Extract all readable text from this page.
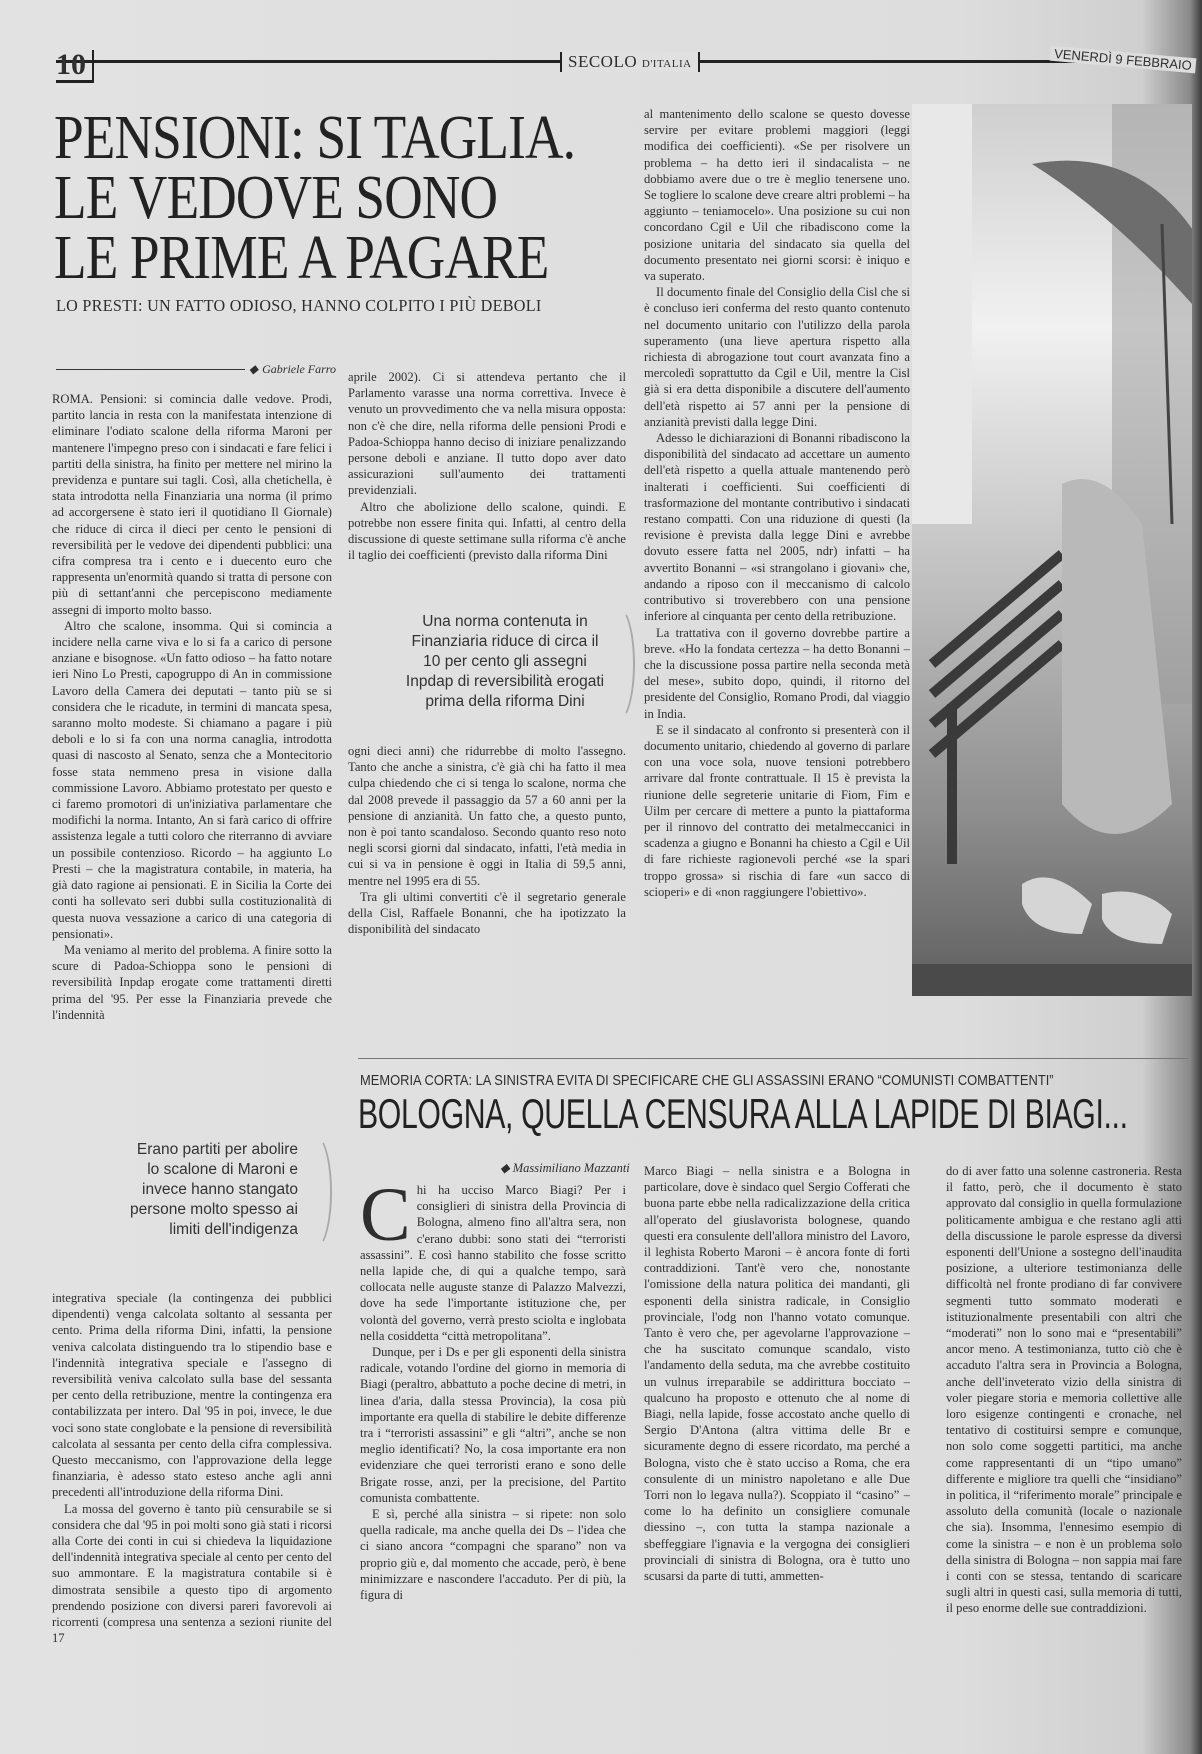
10	SECOLO D'ITALIA	VENERDÌ 9 FEBBRAIO
PENSIONI: SI TAGLIA.
LE VEDOVE SONO
LE PRIME A PAGARE
LO PRESTI: UN FATTO ODIOSO, HANNO COLPITO I PIÙ DEBOLI
◆ Gabriele Farro

ROMA. Pensioni: si comincia dalle vedove. Prodi, partito lancia in resta con la manifestata intenzione di eliminare l'odiato scalone della riforma Maroni per mantenere l'impegno preso con i sindacati e fare felici i partiti della sinistra, ha finito per mettere nel mirino la previdenza e puntare sui tagli. Così, alla chetichella, è stata introdotta nella Finanziaria una norma (il primo ad accorgersene è stato ieri il quotidiano Il Giornale) che riduce di circa il dieci per cento le pensioni di reversibilità per le vedove dei dipendenti pubblici: una cifra compresa tra i cento e i duecento euro che rappresenta un'enormità quando si tratta di persone con più di settant'anni che percepiscono mediamente assegni di importo molto basso.

Altro che scalone, insomma. Qui si comincia a incidere nella carne viva e lo si fa a carico di persone anziane e bisognose. «Un fatto odioso – ha fatto notare ieri Nino Lo Presti, capogruppo di An in commissione Lavoro della Camera dei deputati – tanto più se si considera che le ricadute, in termini di mancata spesa, saranno molto modeste. Si chiamano a pagare i più deboli e lo si fa con una norma canaglia, introdotta quasi di nascosto al Senato, senza che a Montecitorio fosse stata nemmeno presa in visione dalla commissione Lavoro. Abbiamo protestato per questo e ci faremo promotori di un'iniziativa parlamentare che modifichi la norma. Intanto, An si farà carico di offrire assistenza legale a tutti coloro che riterranno di avviare un possibile contenzioso. Ricordo – ha aggiunto Lo Presti – che la magistratura contabile, in materia, ha già dato ragione ai pensionati. E in Sicilia la Corte dei conti ha sollevato seri dubbi sulla costituzionalità di questa nuova vessazione a carico di una categoria di pensionati».

Ma veniamo al merito del problema. A finire sotto la scure di Padoa-Schioppa sono le pensioni di reversibilità Inpdap erogate come trattamenti diretti prima del '95. Per esse la Finanziaria prevede che l'indennità

Erano partiti per abolire lo scalone di Maroni e invece hanno stangato persone molto spesso ai limiti dell'indigenza

integrativa speciale (la contingenza dei pubblici dipendenti) venga calcolata soltanto al sessanta per cento. Prima della riforma Dini, infatti, la pensione veniva calcolata distinguendo tra lo stipendio base e l'indennità integrativa speciale e l'assegno di reversibilità veniva calcolato sulla base del sessanta per cento della retribuzione, mentre la contingenza era contabilizzata per intero. Dal '95 in poi, invece, le due voci sono state conglobate e la pensione di reversibilità calcolata al sessanta per cento della cifra complessiva. Questo meccanismo, con l'approvazione della legge finanziaria, è adesso stato esteso anche agli anni precedenti all'introduzione della riforma Dini.

La mossa del governo è tanto più censurabile se si considera che dal '95 in poi molti sono già stati i ricorsi alla Corte dei conti in cui si chiedeva la liquidazione dell'indennità integrativa speciale al cento per cento del suo ammontare. E la magistratura contabile si è dimostrata sensibile a questo tipo di argomento prendendo posizione con diversi pareri favorevoli ai ricorrenti (compresa una sentenza a sezioni riunite del 17

aprile 2002). Ci si attendeva pertanto che il Parlamento varasse una norma correttiva. Invece è venuto un provvedimento che va nella misura opposta: non c'è che dire, nella riforma delle pensioni Prodi e Padoa-Schioppa hanno deciso di iniziare penalizzando persone deboli e anziane. Il tutto dopo aver dato assicurazioni sull'aumento dei trattamenti previdenziali.

Altro che abolizione dello scalone, quindi. E potrebbe non essere finita qui. Infatti, al centro della discussione di queste settimane sulla riforma c'è anche il taglio dei coefficienti (previsto dalla riforma Dini

Una norma contenuta in Finanziaria riduce di circa il 10 per cento gli assegni Inpdap di reversibilità erogati prima della riforma Dini

ogni dieci anni) che ridurrebbe di molto l'assegno. Tanto che anche a sinistra, c'è già chi ha fatto il mea culpa chiedendo che ci si tenga lo scalone, norma che dal 2008 prevede il passaggio da 57 a 60 anni per la pensione di anzianità. Un fatto che, a questo punto, non è poi tanto scandaloso. Secondo quanto reso noto negli scorsi giorni dal sindacato, infatti, l'età media in cui si va in pensione è oggi in Italia di 59,5 anni, mentre nel 1995 era di 55.

Tra gli ultimi convertiti c'è il segretario generale della Cisl, Raffaele Bonanni, che ha ipotizzato la disponibilità del sindacato

al mantenimento dello scalone se questo dovesse servire per evitare problemi maggiori (leggi modifica dei coefficienti). «Se per risolvere un problema – ha detto ieri il sindacalista – ne dobbiamo avere due o tre è meglio tenersene uno. Se togliere lo scalone deve creare altri problemi – ha aggiunto – teniamocelo». Una posizione su cui non concordano Cgil e Uil che ribadiscono come la posizione unitaria del sindacato sia quella del documento presentato nei giorni scorsi: è iniquo e va superato.

Il documento finale del Consiglio della Cisl che si è concluso ieri conferma del resto quanto contenuto nel documento unitario con l'utilizzo della parola superamento (una lieve apertura rispetto alla richiesta di abrogazione tout court avanzata fino a mercoledì soprattutto da Cgil e Uil, mentre la Cisl già si era detta disponibile a discutere dell'aumento dell'età rispetto ai 57 anni per la pensione di anzianità previsti dalla legge Dini.

Adesso le dichiarazioni di Bonanni ribadiscono la disponibilità del sindacato ad accettare un aumento dell'età rispetto a quella attuale mantenendo però inalterati i coefficienti. Sui coefficienti di trasformazione del montante contributivo i sindacati restano compatti. Con una riduzione di questi (la revisione è prevista dalla legge Dini e avrebbe dovuto essere fatta nel 2005, ndr) infatti – ha avvertito Bonanni – «si strangolano i giovani» che, andando a riposo con il meccanismo di calcolo contributivo si troverebbero con una pensione inferiore al cinquanta per cento della retribuzione.

La trattativa con il governo dovrebbe partire a breve. «Ho la fondata certezza – ha detto Bonanni – che la discussione possa partire nella seconda metà del mese», subito dopo, quindi, il ritorno del presidente del Consiglio, Romano Prodi, dal viaggio in India.

E se il sindacato al confronto si presenterà con il documento unitario, chiedendo al governo di parlare con una voce sola, nuove tensioni potrebbero arrivare dal fronte contrattuale. Il 15 è prevista la riunione delle segreterie unitarie di Fiom, Fim e Uilm per cercare di mettere a punto la piattaforma per il rinnovo del contratto dei metalmeccanici in scadenza a giugno e Bonanni ha chiesto a Cgil e Uil di fare richieste ragionevoli perché «se la spari troppo grossa» si rischia di fare «un sacco di scioperi» e di «non raggiungere l'obiettivo».

MEMORIA CORTA: LA SINISTRA EVITA DI SPECIFICARE CHE GLI ASSASSINI ERANO “COMUNISTI COMBATTENTI”
BOLOGNA, QUELLA CENSURA ALLA LAPIDE DI BIAGI...
◆ Massimiliano Mazzanti
C hi ha ucciso Marco Biagi? Per i consiglieri di sinistra della Provincia di Bologna, almeno fino all'altra sera, non c'erano dubbi: sono stati dei “terroristi assassini”. E così hanno stabilito che fosse scritto nella lapide che, di qui a qualche tempo, sarà collocata nelle auguste stanze di Palazzo Malvezzi, dove ha sede l'importante istituzione che, per volontà del governo, verrà presto sciolta e inglobata nella cosiddetta “città metropolitana”.

Dunque, per i Ds e per gli esponenti della sinistra radicale, votando l'ordine del giorno in memoria di Biagi (peraltro, abbattuto a poche decine di metri, in linea d'aria, dalla stessa Provincia), la cosa più importante era quella di stabilire le debite differenze tra i “terroristi assassini” e gli “altri”, anche se non meglio identificati? No, la cosa importante era non evidenziare che quei terroristi erano e sono delle Brigate rosse, anzi, per la precisione, del Partito comunista combattente.

E sì, perché alla sinistra – si ripete: non solo quella radicale, ma anche quella dei Ds – l'idea che ci siano ancora “compagni che sparano” non va proprio giù e, dal momento che accade, però, è bene minimizzare e nascondere l'accaduto. Per di più, la figura di

Marco Biagi – nella sinistra e a Bologna in particolare, dove è sindaco quel Sergio Cofferati che buona parte ebbe nella radicalizzazione della critica all'operato del giuslavorista bolognese, quando questi era consulente dell'allora ministro del Lavoro, il leghista Roberto Maroni – è ancora fonte di forti contraddizioni. Tant'è vero che, nonostante l'omissione della natura politica dei mandanti, gli esponenti della sinistra radicale, in Consiglio provinciale, l'odg non l'hanno votato comunque. Tanto è vero che, per agevolarne l'approvazione – che ha suscitato comunque scandalo, visto l'andamento della seduta, ma che avrebbe costituito un vulnus irreparabile se addirittura bocciato – qualcuno ha proposto e ottenuto che al nome di Biagi, nella lapide, fosse accostato anche quello di Sergio D'Antona (altra vittima delle Br e sicuramente degno di essere ricordato, ma perché a Bologna, visto che è stato ucciso a Roma, che era consulente di un ministro napoletano e alle Due Torri non lo legava nulla?). Scoppiato il “casino” – come lo ha definito un consigliere comunale diessino –, con tutta la stampa nazionale a sbeffeggiare l'ignavia e la vergogna dei consiglieri provinciali di sinistra di Bologna, ora è tutto uno scusarsi da parte di tutti, ammetten-

do di aver fatto una solenne castroneria. Resta il fatto, però, che il documento è stato approvato dal consiglio in quella formulazione politicamente ambigua e che restano agli atti della discussione le parole espresse da diversi esponenti dell'Unione a sostegno dell'inaudita posizione, a ulteriore testimonianza delle difficoltà nel fronte prodiano di far convivere segmenti tutto sommato moderati e istituzionalmente presentabili con altri che “moderati” non lo sono mai e “presentabili” ancor meno. A testimonianza, tutto ciò che è accaduto l'altra sera in Provincia a Bologna, anche dell'inveterato vizio della sinistra di voler piegare storia e memoria collettive alle loro esigenze contingenti e cronache, nel tentativo di costituirsi sempre e comunque, non solo come soggetti partitici, ma anche come rappresentanti di un “tipo umano” differente e migliore tra quelli che “insidiano” in politica, il “riferimento morale” principale e assoluto della comunità (locale o nazionale che sia). Insomma, l'ennesimo esempio di come la sinistra – e non è un problema solo della sinistra di Bologna – non sappia mai fare i conti con se stessa, tentando di scaricare sugli altri in questi casi, sulla memoria di tutti, il peso enorme delle sue contraddizioni.
